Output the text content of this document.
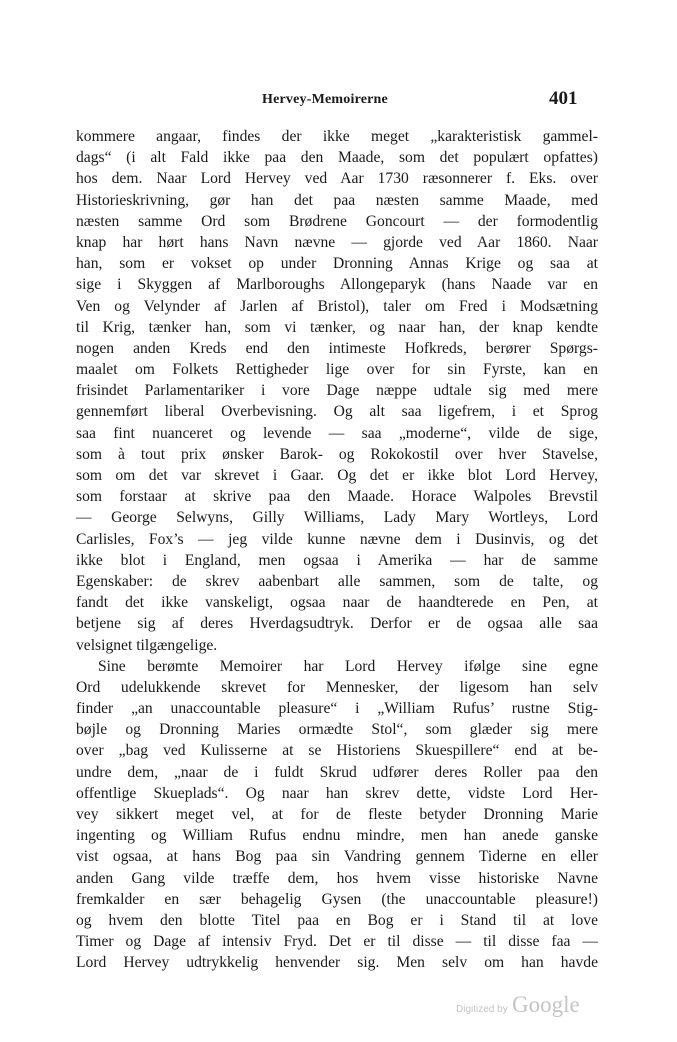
Hervey-Memoirerne	401
kommere angaar, findes der ikke meget „karakteristisk gammel-
dags“ (i alt Fald ikke paa den Maade, som det populært opfattes)
hos dem. Naar Lord Hervey ved Aar 1730 ræsonnerer f. Eks. over
Historieskrivning, gør han det paa næsten samme Maade, med
næsten samme Ord som Brødrene Goncourt — der formodentlig
knap har hørt hans Navn nævne — gjorde ved Aar 1860. Naar
han, som er vokset op under Dronning Annas Krige og saa at
sige i Skyggen af Marlboroughs Allongeparyk (hans Naade var en
Ven og Velynder af Jarlen af Bristol), taler om Fred i Modsætning
til Krig, tænker han, som vi tænker, og naar han, der knap kendte
nogen anden Kreds end den intimeste Hofkreds, berører Spørgs-
maalet om Folkets Rettigheder lige over for sin Fyrste, kan en
frisindet Parlamentariker i vore Dage næppe udtale sig med mere
gennemført liberal Overbevisning. Og alt saa ligefrem, i et Sprog
saa fint nuanceret og levende — saa „moderne“, vilde de sige,
som à tout prix ønsker Barok- og Rokokostil over hver Stavelse,
som om det var skrevet i Gaar. Og det er ikke blot Lord Hervey,
som forstaar at skrive paa den Maade. Horace Walpoles Brevstil
— George Selwyns, Gilly Williams, Lady Mary Wortleys, Lord
Carlisles, Fox’s — jeg vilde kunne nævne dem i Dusinvis, og det
ikke blot i England, men ogsaa i Amerika — har de samme
Egenskaber: de skrev aabenbart alle sammen, som de talte, og
fandt det ikke vanskeligt, ogsaa naar de haandterede en Pen, at
betjene sig af deres Hverdagsudtryk. Derfor er de ogsaa alle saa
velsignet tilgængelige.
Sine berømte Memoirer har Lord Hervey ifølge sine egne
Ord udelukkende skrevet for Mennesker, der ligesom han selv
finder „an unaccountable pleasure“ i „William Rufus’ rustne Stig-
bøjle og Dronning Maries ormædte Stol“, som glæder sig mere
over „bag ved Kulisserne at se Historiens Skuespillere“ end at be-
undre dem, „naar de i fuldt Skrud udfører deres Roller paa den
offentlige Skueplads“. Og naar han skrev dette, vidste Lord Her-
vey sikkert meget vel, at for de fleste betyder Dronning Marie
ingenting og William Rufus endnu mindre, men han anede ganske
vist ogsaa, at hans Bog paa sin Vandring gennem Tiderne en eller
anden Gang vilde træffe dem, hos hvem visse historiske Navne
fremkalder en sær behagelig Gysen (the unaccountable pleasure!)
og hvem den blotte Titel paa en Bog er i Stand til at love
Timer og Dage af intensiv Fryd. Det er til disse — til disse faa —
Lord Hervey udtrykkelig henvender sig. Men selv om han havde
Digitized by Google
